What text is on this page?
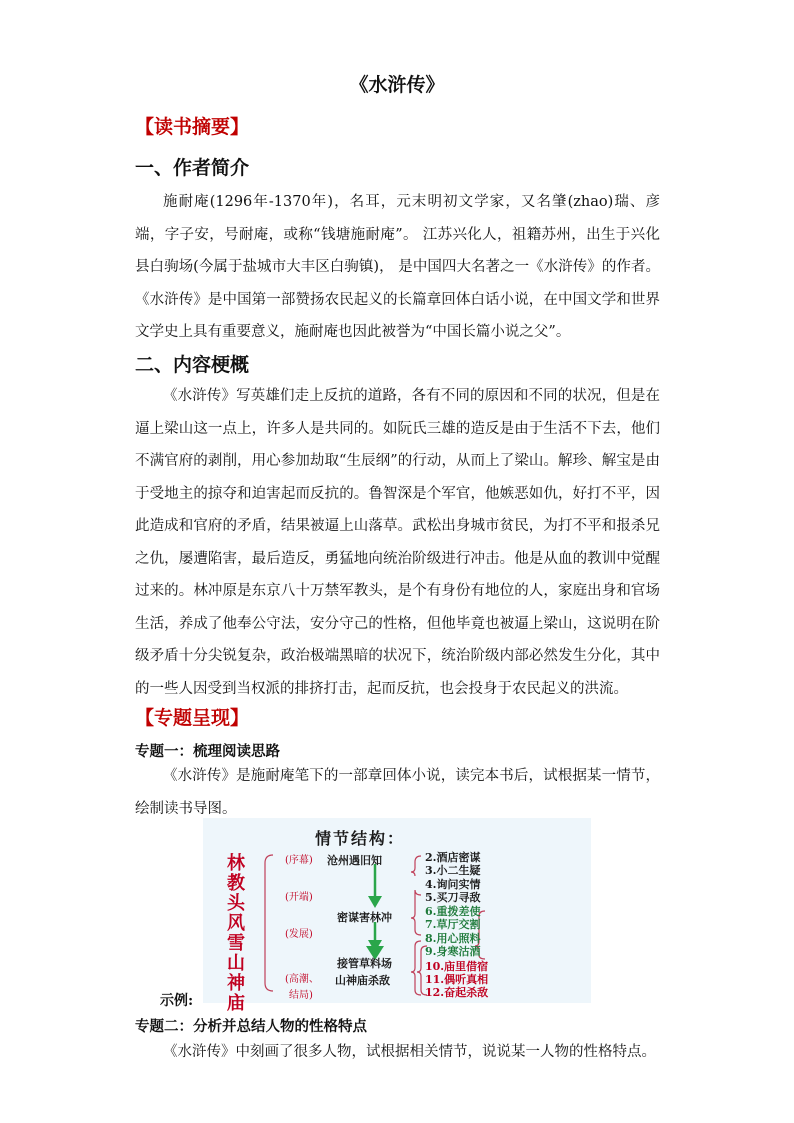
《水浒传》
【读书摘要】
一、作者简介
施耐庵(1296年-1370年)，名耳，元末明初文学家，又名肇(zhao)瑞、彦端，字子安，号耐庵，或称“钱塘施耐庵”。 江苏兴化人，祖籍苏州，出生于兴化县白驹场(今属于盐城市大丰区白驹镇)， 是中国四大名著之一《水浒传》的作者。《水浒传》是中国第一部赞扬农民起义的长篇章回体白话小说，在中国文学和世界文学史上具有重要意义，施耐庵也因此被誉为“中国长篇小说之父”。
二、内容梗概
《水浒传》写英雄们走上反抗的道路，各有不同的原因和不同的状况，但是在逼上梁山这一点上，许多人是共同的。如阮氏三雄的造反是由于生活不下去，他们不满官府的剥削，用心参加劫取“生辰纲”的行动，从而上了梁山。解珍、解宝是由于受地主的掠夺和迫害起而反抗的。鲁智深是个军官，他嫉恶如仇，好打不平，因此造成和官府的矛盾，结果被逼上山落草。武松出身城市贫民，为打不平和报杀兄之仇，屡遭陷害，最后造反，勇猛地向统治阶级进行冲击。他是从血的教训中觉醒过来的。林冲原是东京八十万禁军教头，是个有身份有地位的人，家庭出身和官场生活，养成了他奉公守法，安分守己的性格，但他毕竟也被逼上梁山，这说明在阶级矛盾十分尖锐复杂，政治极端黑暗的状况下，统治阶级内部必然发生分化，其中的一些人因受到当权派的排挤打击，起而反抗，也会投身于农民起义的洪流。
【专题呈现】
专题一：梳理阅读思路
《水浒传》是施耐庵笔下的一部章回体小说，读完本书后，试根据某一情节，绘制读书导图。
情节结构：
林
教
头
风
雪
山
神
庙
(序幕)
(开端)
(发展)
(高潮、
结局)
沧州遇旧知
密谋害林冲
接管草料场
山神庙杀敌
2.酒店密谋
3.小二生疑
4.询问实情
5.买刀寻敌
6.重拨差使
7.草厅交割
8.用心照料
9.身寒沽酒
10.庙里借宿
11.偶听真相
12.奋起杀敌
示例:
专题二：分析并总结人物的性格特点
《水浒传》中刻画了很多人物，试根据相关情节，说说某一人物的性格特点。
